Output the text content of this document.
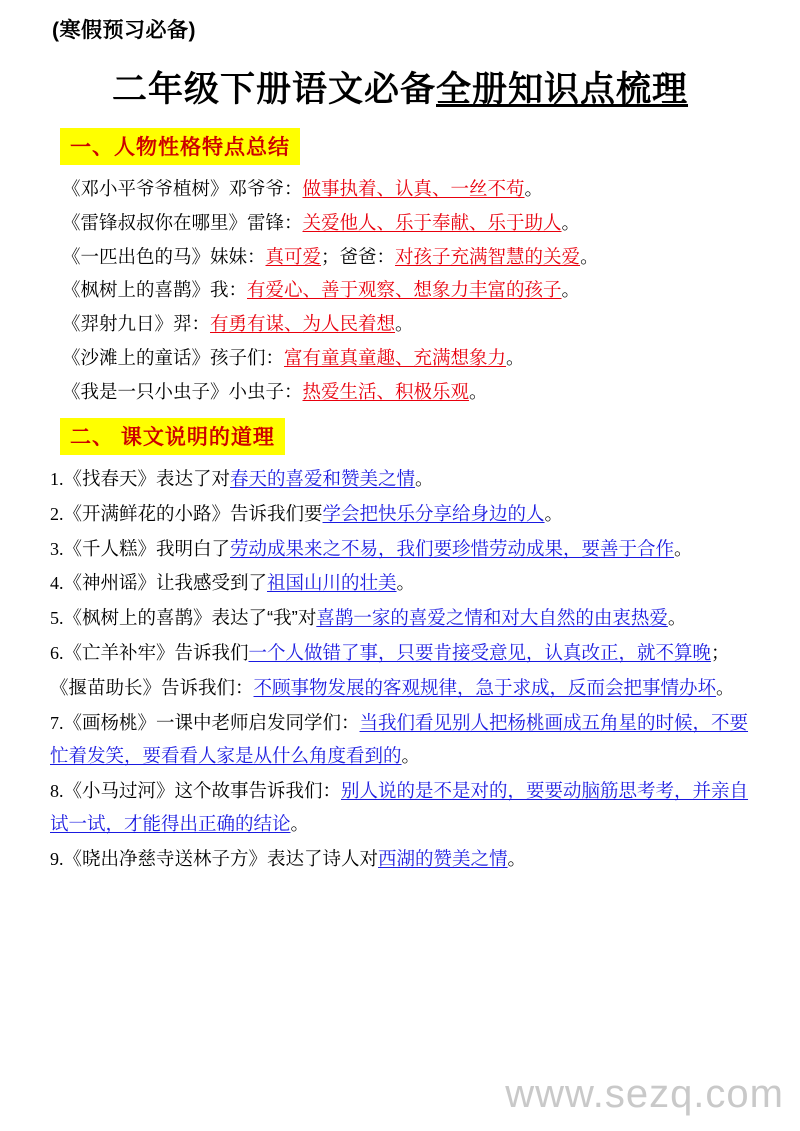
(寒假预习必备)
二年级下册语文必备全册知识点梳理
一、人物性格特点总结
《邓小平爷爷植树》邓爷爷：做事执着、认真、一丝不苟。
《雷锋叔叔你在哪里》雷锋：关爱他人、乐于奉献、乐于助人。
《一匹出色的马》妹妹：真可爱；爸爸：对孩子充满智慧的关爱。
《枫树上的喜鹊》我：有爱心、善于观察、想象力丰富的孩子。
《羿射九日》羿：有勇有谋、为人民着想。
《沙滩上的童话》孩子们：富有童真童趣、充满想象力。
《我是一只小虫子》小虫子：热爱生活、积极乐观。
二、 课文说明的道理
1.《找春天》表达了对春天的喜爱和赞美之情。
2.《开满鲜花的小路》告诉我们要学会把快乐分享给身边的人。
3.《千人糕》我明白了劳动成果来之不易，我们要珍惜劳动成果，要善于合作。
4.《神州谣》让我感受到了祖国山川的壮美。
5.《枫树上的喜鹊》表达了“我”对喜鹊一家的喜爱之情和对大自然的由衷热爱。
6.《亡羊补牢》告诉我们一个人做错了事，只要肯接受意见，认真改正，就不算晚；
《揠苗助长》告诉我们：不顾事物发展的客观规律，急于求成，反而会把事情办坏。
7.《画杨桃》一课中老师启发同学们：当我们看见别人把杨桃画成五角星的时候，不要忙着发笑，要看看人家是从什么角度看到的。
8.《小马过河》这个故事告诉我们：别人说的是不是对的，要要动脑筋思考考，并亲自试一试，才能得出正确的结论。
9.《晓出净慈寺送林子方》表达了诗人对西湖的赞美之情。
www.sezq.com
